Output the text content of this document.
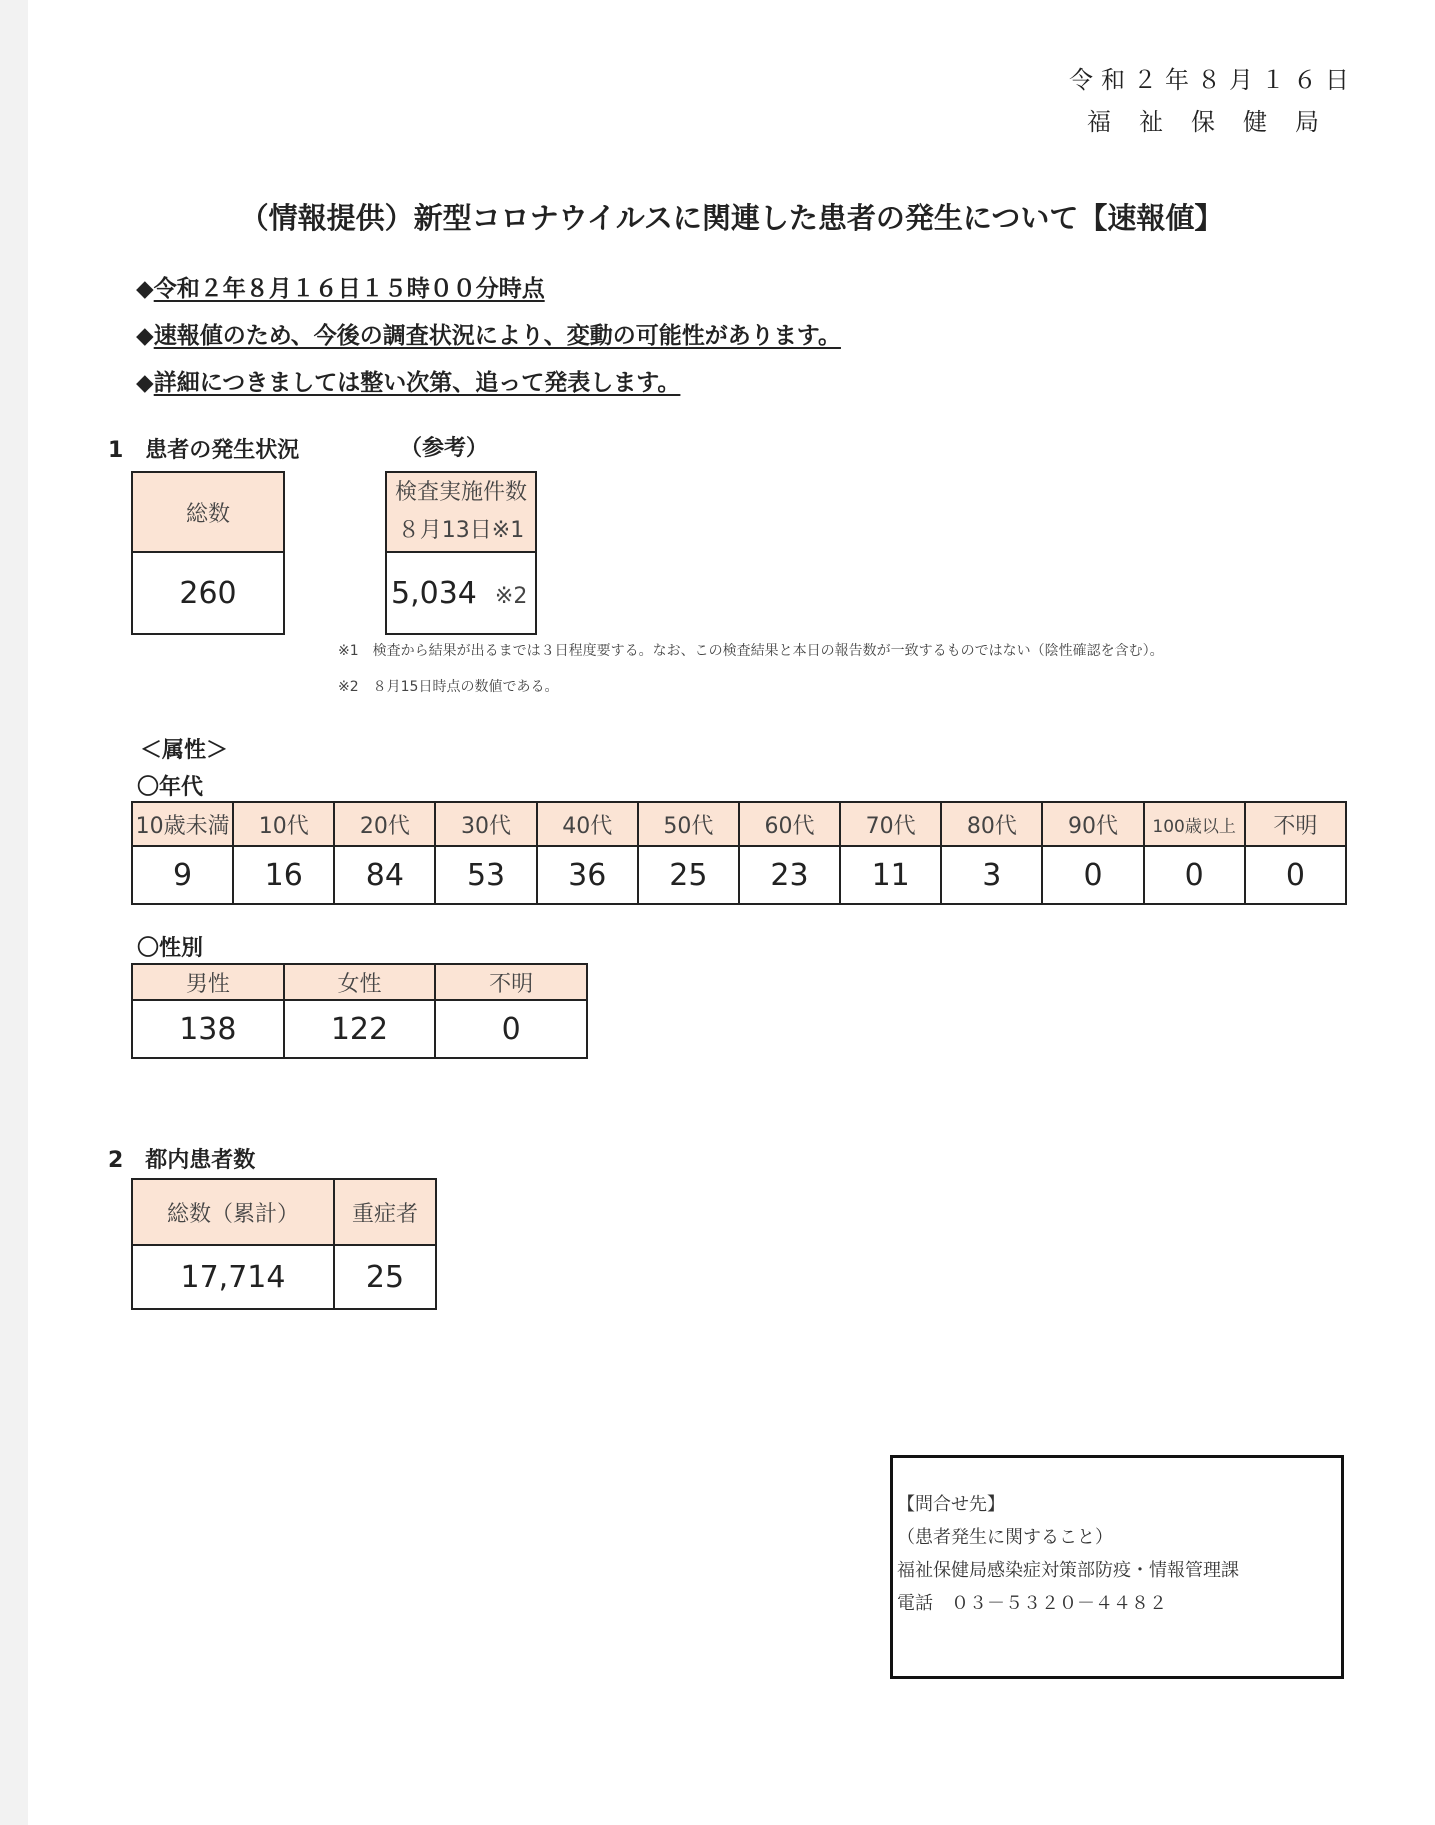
令和２年８月１６日
福祉保健局
（情報提供）新型コロナウイルスに関連した患者の発生について【速報値】
◆令和２年８月１６日１５時００分時点
◆速報値のため、今後の調査状況により、変動の可能性があります。
◆詳細につきましては整い次第、追って発表します。
1　患者の発生状況	（参考）
総数
260
検査実施件数
８月13日※1

5,034 ※2
※1　検査から結果が出るまでは３日程度要する。なお、この検査結果と本日の報告数が一致するものではない（陰性確認を含む）。
※2　８月15日時点の数値である。
＜属性＞
〇年代
10歳未満	10代	20代	30代	40代	50代	60代	70代	80代	90代	100歳以上	不明
9	16	84	53	36	25	23	11	3	0	0	0
〇性別
男性	女性	不明
138	122	0
2　都内患者数
総数（累計）	重症者
17,714	25
【問合せ先】
（患者発生に関すること）
福祉保健局感染症対策部防疫・情報管理課
電話　０３－５３２０－４４８２
